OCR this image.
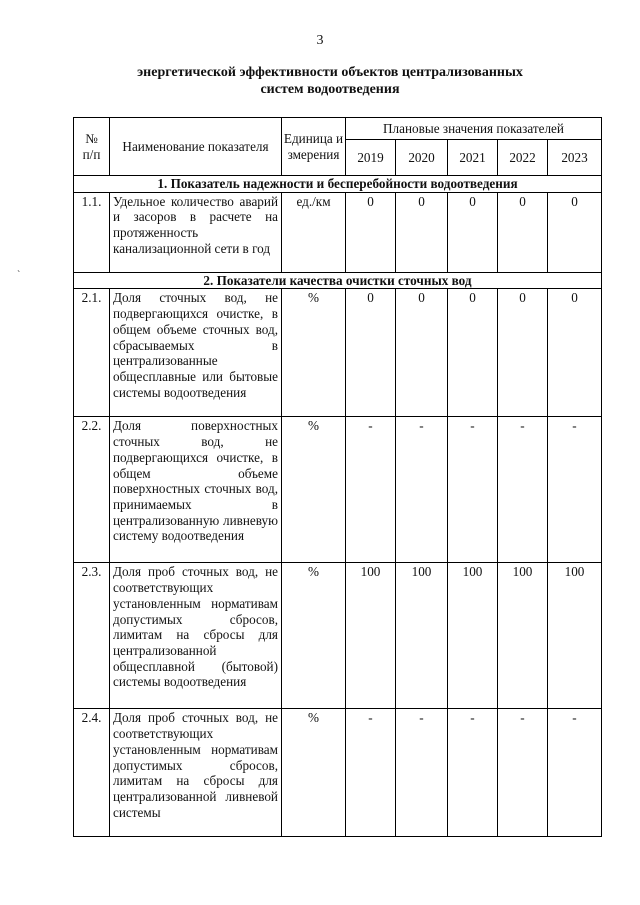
3
энергетической эффективности объектов централизованных
систем водоотведения
`
№
п/п	Наименование показателя	Единица измерения	Плановые значения показателей				
			2019	2020	2021	2022	2023
1. Показатель надежности и бесперебойности водоотведения							
1.1.	Удельное количество аварий и засоров в расчете на протяженность канализационной сети в год	ед./км	0	0	0	0	0
2. Показатели качества очистки сточных вод							
2.1.	Доля сточных вод, не подвергающихся очистке, в общем объеме сточных вод, сбрасываемых в централизованные общесплавные или бытовые системы водоотведения	%	0	0	0	0	0
2.2.	Доля поверхностных сточных вод, не подвергающихся очистке, в общем объеме поверхностных сточных вод, принимаемых в централизованную ливневую систему водоотведения	%	-	-	-	-	-
2.3.	Доля проб сточных вод, не соответствующих установленным нормативам допустимых сбросов, лимитам на сбросы для централизованной общесплавной (бытовой) системы водоотведения	%	100	100	100	100	100
2.4.	Доля проб сточных вод, не соответствующих установленным нормативам допустимых сбросов, лимитам на сбросы для централизованной ливневой системы	%	-	-	-	-	-
